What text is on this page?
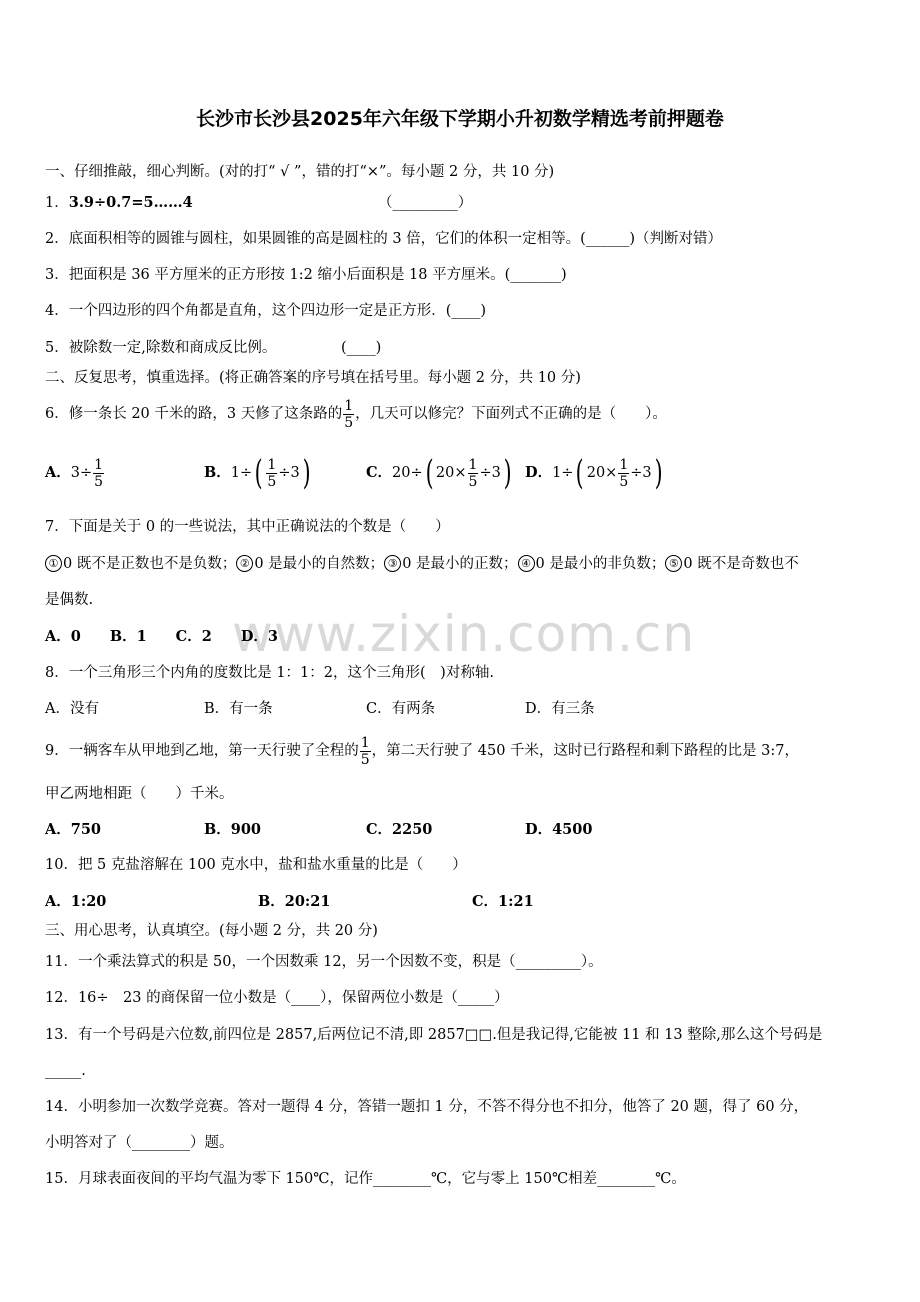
长沙市长沙县2025年六年级下学期小升初数学精选考前押题卷
www.zixin.com.cn
一、仔细推敲，细心判断。(对的打“ √ ”，错的打“×”。每小题 2 分，共 10 分)
1．3.9÷0.7=5……4	（_________）
2．底面积相等的圆锥与圆柱，如果圆锥的高是圆柱的 3 倍，它们的体积一定相等。(______)（判断对错）
3．把面积是 36 平方厘米的正方形按 1:2 缩小后面积是 18 平方厘米。(_______)
4．一个四边形的四个角都是直角，这个四边形一定是正方形．(____)
5．被除数一定,除数和商成反比例。	(____)
二、反复思考，慎重选择。(将正确答案的序号填在括号里。每小题 2 分，共 10 分)
6．修一条长 20 千米的路，3 天修了这条路的 $\frac{1}{5}$ ，几天可以修完？下面列式不正确的是（　　）。
A．$3\div \frac{1}{5}$	B．$1\div( \frac{1}{5} \div 3)$	C．20÷( $20\times \frac{1}{5} \div 3$) D．1÷( $20\times \frac{1}{5} \div 3$)
7．下面是关于 0 的一些说法，其中正确说法的个数是（　　）
① 0 既不是正数也不是负数； ② 0 是最小的自然数； ③ 0 是最小的正数； ④ 0 是最小的非负数； ⑤ 0 既不是奇数也不
是偶数.
A．0　　B．1　　C．2　　D．3
8．一个三角形三个内角的度数比是 1：1：2，这个三角形(　)对称轴.
A．没有	B．有一条	C．有两条	D．有三条
9．一辆客车从甲地到乙地，第一天行驶了全程的 $\frac{1}{5}$ ，第二天行驶了 450 千米，这时已行路程和剩下路程的比是 3:7，
甲乙两地相距（　　）千米。
A．750	B．900	C．2250	D．4500
10．把 5 克盐溶解在 100 克水中，盐和盐水重量的比是（　　）
A．1:20	B．20:21	C．1:21
三、用心思考，认真填空。(每小题 2 分，共 20 分)
11．一个乘法算式的积是 50，一个因数乘 12，另一个因数不变，积是（_________）。
12．16÷　23 的商保留一位小数是（____），保留两位小数是（_____）
13．有一个号码是六位数,前四位是 2857,后两位记不清,即 2857□□.但是我记得,它能被 11 和 13 整除,那么这个号码是
_____.
14．小明参加一次数学竞赛。答对一题得 4 分，答错一题扣 1 分，不答不得分也不扣分，他答了 20 题，得了 60 分，
小明答对了（________）题。
15．月球表面夜间的平均气温为零下 150℃，记作________℃，它与零上 150℃相差________℃。
